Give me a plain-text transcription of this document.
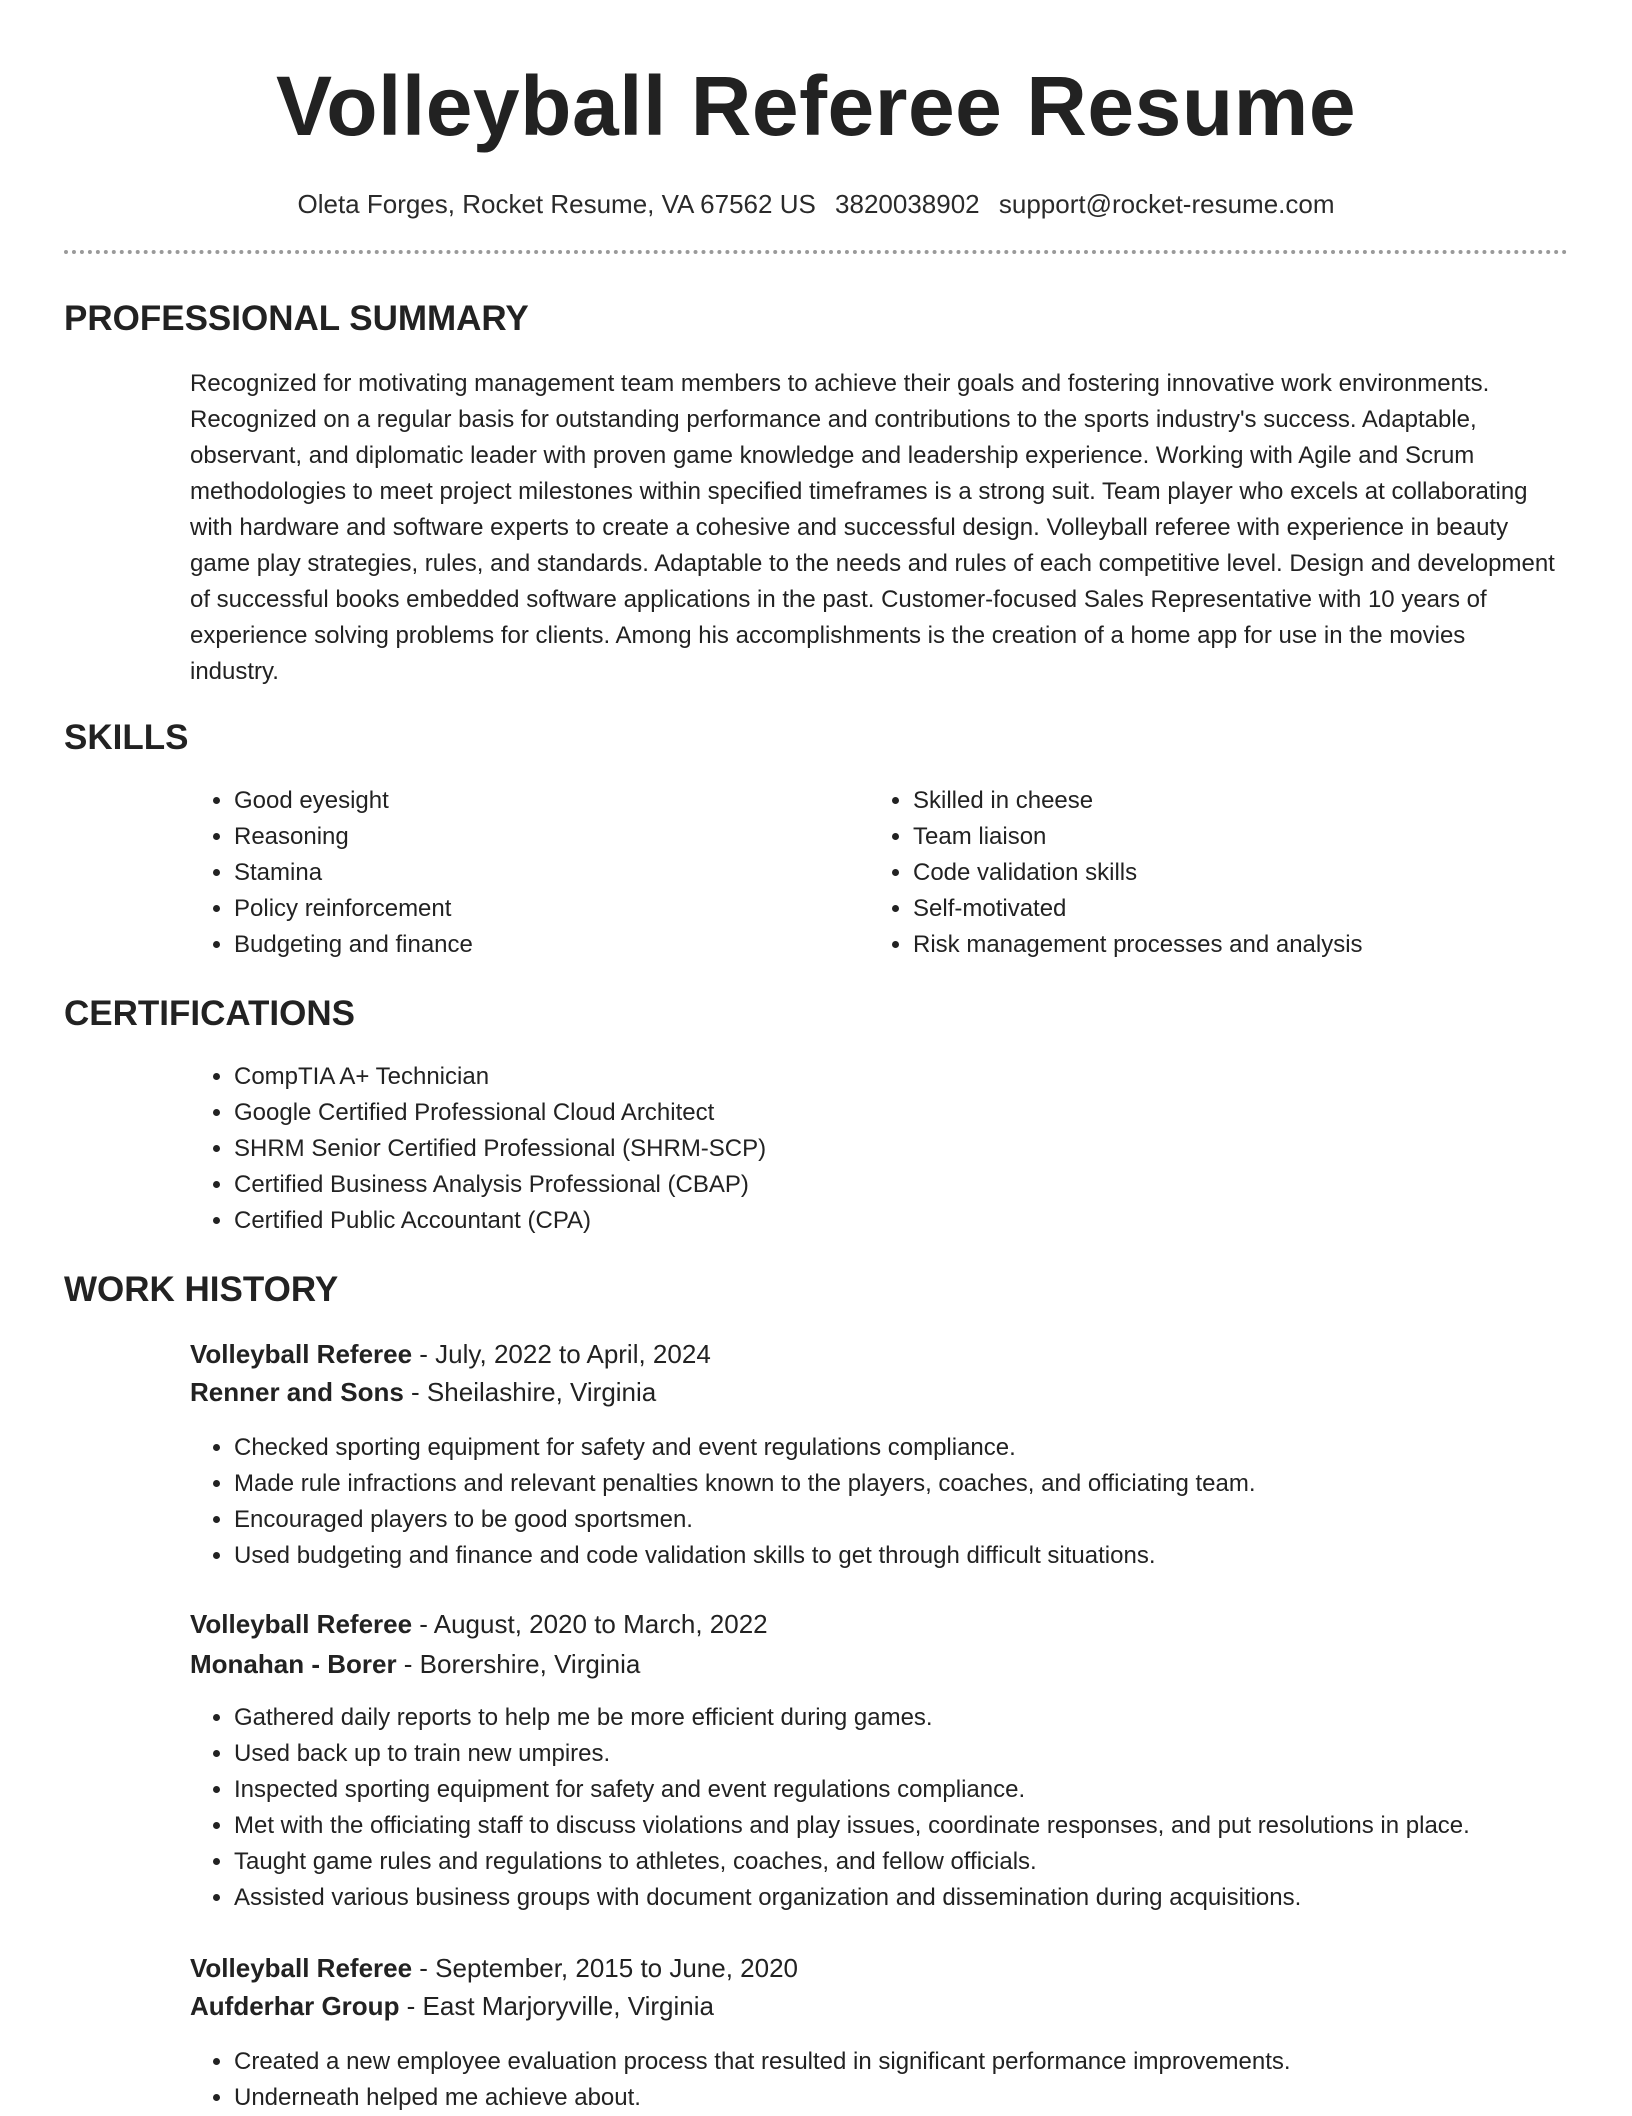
Volleyball Referee Resume
Oleta Forges, Rocket Resume, VA 67562 US 3820038902 support@rocket-resume.com
PROFESSIONAL SUMMARY
Recognized for motivating management team members to achieve their goals and fostering innovative work environments. Recognized on a regular basis for outstanding performance and contributions to the sports industry's success. Adaptable, observant, and diplomatic leader with proven game knowledge and leadership experience. Working with Agile and Scrum methodologies to meet project milestones within specified timeframes is a strong suit. Team player who excels at collaborating with hardware and software experts to create a cohesive and successful design. Volleyball referee with experience in beauty game play strategies, rules, and standards. Adaptable to the needs and rules of each competitive level. Design and development of successful books embedded software applications in the past. Customer-focused Sales Representative with 10 years of experience solving problems for clients. Among his accomplishments is the creation of a home app for use in the movies industry.
SKILLS
• Good eyesight
• Reasoning
• Stamina
• Policy reinforcement
• Budgeting and finance
• Skilled in cheese
• Team liaison
• Code validation skills
• Self-motivated
• Risk management processes and analysis
CERTIFICATIONS
• CompTIA A+ Technician
• Google Certified Professional Cloud Architect
• SHRM Senior Certified Professional (SHRM-SCP)
• Certified Business Analysis Professional (CBAP)
• Certified Public Accountant (CPA)
WORK HISTORY
Volleyball Referee - July, 2022 to April, 2024
Renner and Sons - Sheilashire, Virginia
• Checked sporting equipment for safety and event regulations compliance.
• Made rule infractions and relevant penalties known to the players, coaches, and officiating team.
• Encouraged players to be good sportsmen.
• Used budgeting and finance and code validation skills to get through difficult situations.
Volleyball Referee - August, 2020 to March, 2022
Monahan - Borer - Borershire, Virginia
• Gathered daily reports to help me be more efficient during games.
• Used back up to train new umpires.
• Inspected sporting equipment for safety and event regulations compliance.
• Met with the officiating staff to discuss violations and play issues, coordinate responses, and put resolutions in place.
• Taught game rules and regulations to athletes, coaches, and fellow officials.
• Assisted various business groups with document organization and dissemination during acquisitions.
Volleyball Referee - September, 2015 to June, 2020
Aufderhar Group - East Marjoryville, Virginia
• Created a new employee evaluation process that resulted in significant performance improvements.
• Underneath helped me achieve about.
